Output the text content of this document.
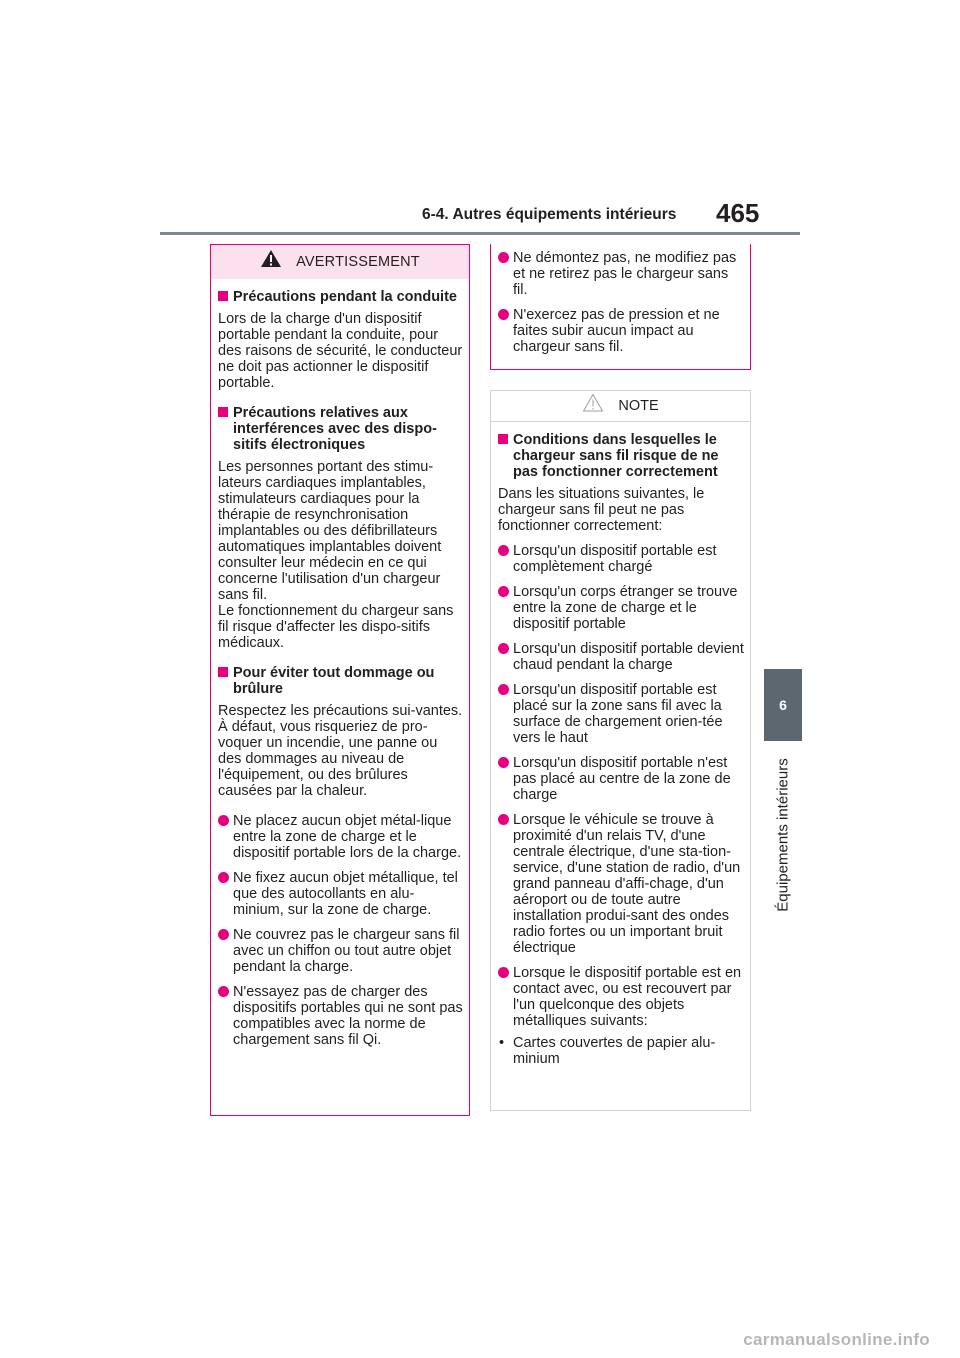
6-4. Autres équipements intérieurs 465
6
Équipements intérieurs
AVERTISSEMENT
Précautions pendant la conduite
Lors de la charge d'un dispositif portable pendant la conduite, pour des raisons de sécurité, le conducteur ne doit pas actionner le dispositif portable.
Précautions relatives aux interférences avec des dispo-sitifs électroniques
Les personnes portant des stimu-lateurs cardiaques implantables, stimulateurs cardiaques pour la thérapie de resynchronisation implantables ou des défibrillateurs automatiques implantables doivent consulter leur médecin en ce qui concerne l'utilisation d'un chargeur sans fil.
Le fonctionnement du chargeur sans fil risque d'affecter les dispo-sitifs médicaux.
Pour éviter tout dommage ou brûlure
Respectez les précautions sui-vantes.
À défaut, vous risqueriez de pro-voquer un incendie, une panne ou des dommages au niveau de l'équipement, ou des brûlures causées par la chaleur.
Ne placez aucun objet métal-lique entre la zone de charge et le dispositif portable lors de la charge.
Ne fixez aucun objet métallique, tel que des autocollants en alu-minium, sur la zone de charge.
Ne couvrez pas le chargeur sans fil avec un chiffon ou tout autre objet pendant la charge.
N'essayez pas de charger des dispositifs portables qui ne sont pas compatibles avec la norme de chargement sans fil Qi.
Ne démontez pas, ne modifiez pas et ne retirez pas le chargeur sans fil.
N'exercez pas de pression et ne faites subir aucun impact au chargeur sans fil.
NOTE
Conditions dans lesquelles le chargeur sans fil risque de ne pas fonctionner correctement
Dans les situations suivantes, le chargeur sans fil peut ne pas fonctionner correctement:
Lorsqu'un dispositif portable est complètement chargé
Lorsqu'un corps étranger se trouve entre la zone de charge et le dispositif portable
Lorsqu'un dispositif portable devient chaud pendant la charge
Lorsqu'un dispositif portable est placé sur la zone sans fil avec la surface de chargement orien-tée vers le haut
Lorsqu'un dispositif portable n'est pas placé au centre de la zone de charge
Lorsque le véhicule se trouve à proximité d'un relais TV, d'une centrale électrique, d'une sta-tion-service, d'une station de radio, d'un grand panneau d'affi-chage, d'un aéroport ou de toute autre installation produi-sant des ondes radio fortes ou un important bruit électrique
Lorsque le dispositif portable est en contact avec, ou est recouvert par l'un quelconque des objets métalliques suivants:
• Cartes couvertes de papier alu-minium
carmanualsonline.info
